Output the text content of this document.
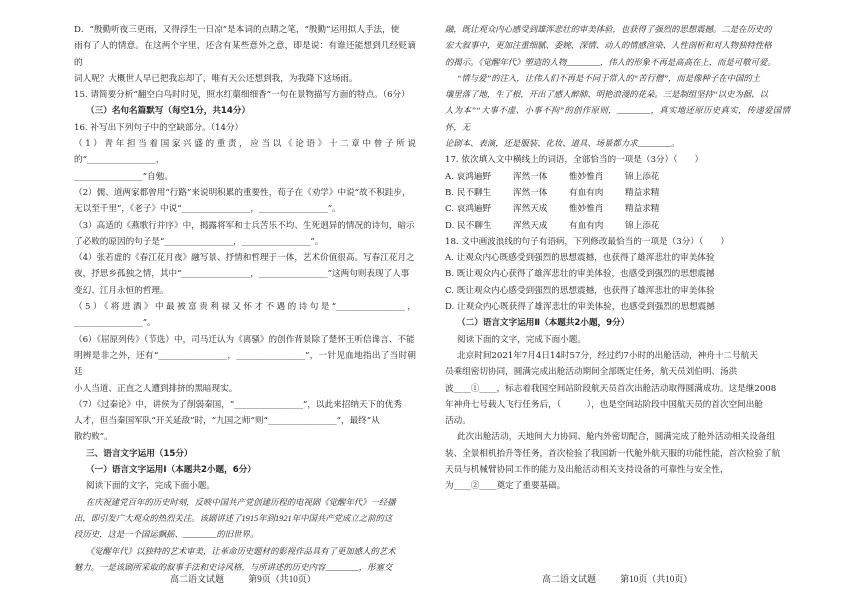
D．“殷勤听夜三更雨，又得浮生一日凉”是本词的点睛之笔，“殷勤”运用拟人手法，使

雨有了人的情意。在这两个字里，还含有某些意外之意，即是说：有谁还能想到几经贬谪的

词人呢？大概世人早已把我忘却了，唯有天公还想到我，为我降下这场雨。

15. 请简要分析“翻空白鸟时时见，照水红蕖细细香”一句在景物描写方面的特点。（6分）

（三）名句名篇默写（每空1分，共14分）

16. 补写出下列句子中的空缺部分。（14分）

（1）青年担当着国家兴盛的重责，应当以《论语》十二章中曾子所说的“________________，

________________”自勉。

（2）儒、道两家都曾用“行路”来说明积累的重要性，荀子在《劝学》中说“故不积跬步，

无以至千里”，《老子》中说“________________，________________”。

（3）高适的《燕歌行并序》中，揭露将军和士兵苦乐不均、生死迥异的情况的诗句，暗示

了必败的原因的句子是“________________，________________”。

（4）张若虚的《春江花月夜》融写景、抒情和哲理于一体，艺术价值很高。写春江花月之

夜，抒思乡孤独之情，其中“________________，________________”这两句则表现了人事

变幻、江月永恒的哲理。

（5）《将进酒》中最被富贵利禄又怀才不遇的诗句是“________________，________________”。

（6）《屈原列传》（节选）中，司马迁认为《离骚》的创作背景除了楚怀王听信谗言、不能

明辨是非之外，还有“________________，________________”，一针见血地指出了当时朝廷

小人当道、正直之人遭到排挤的黑暗现实。

（7）《过秦论》中，讲侯为了削弱秦国，“________________”，以此来招纳天下的优秀

人才，但当秦国军队“开关延敌”时，“九国之师”则“________________”，最终“从

散约败”。

三、语言文字运用（15分）

（一）语言文字运用Ⅰ（本题共2小题，6分）

阅读下面的文字，完成下面小题。

在庆祝建党百年的历史时刻，反映中国共产党创建历程的电视剧《觉醒年代》一经播

出，即引发广大观众的热烈关注。该剧讲述了1915年到1921年中国共产党成立之前的这

段历史，这是一个国运飘摇、________的旧世界。

《觉醒年代》以独特的艺术审美，让革命历史题材的影视作品具有了更加感人的艺术

魅力。一是该剧所采取的叙事手法和史诗风格，与所讲述的历史内容________，彤塞交

高二语文试题	第9页（共10页）

融，既让观众内心感受到雄浑悲壮的审美体验，也获得了强烈的思想震撼。二是在历史的

宏大叙事中，更加注重细腻、委婉、深情、动人的情感渲染、人性剖析和对人物独特性格

的揭示。《觉醒年代》塑造的人物________，伟人的形象不再是高高在上，而是可敬可爱。

“情与爱”的注入，让伟人们不再是不同于常人的“苦行僧”，而是像种子在中国的土

壤里落了地，生了根，开出了感人醉肺、明艳浪漫的花朵。三是制组坚持“以史为据、以

人为本”“大事不虚、小事不拘”的创作原则，________，真实地还原历史真实，传递爱国情怀，无

论剧本、表演，还是服装、化妆、道具、场景都力求________。

17. 依次填入文中横线上的词语，全部恰当的一项是（3分）（　　）

A. 哀鸿遍野	浑然一体	惟妙惟肖	锦上添花
B. 民不聊生	浑然一体	有血有肉	精益求精
C. 哀鸿遍野	浑然天成	惟妙惟肖	精益求精
D. 民不聊生	浑然天成	有血有肉	锦上添花

18. 文中画波浪线的句子有语病，下列修改最恰当的一项是（3分）（　　）

A. 让观众内心既感受到强烈的思想震撼，也获得了雄浑悲壮的审美体验

B. 既让观众内心获得了雄浑悲壮的审美体验，也感受到强烈的思想震撼

C. 既让观众内心感受到强烈的思想震撼，也获得了雄浑悲壮的审美体验

D. 让观众内心既获得了雄浑悲壮的审美体验，也感受到强烈的思想震撼

（二）语言文字运用Ⅱ（本题共2小题，9分）

阅读下面的文字，完成下面小题。

北京时间2021年7月4日14时57分，经过约7小时的出舱活动，神舟十二号航天

员乘组密切协同，圆满完成出舱活动期间全部既定任务，航天员刘伯明、汤洪

波____①____，标志着我国空间站阶段航天员首次出舱活动取得圆满成功。这是继2008

年神舟七号载人飞行任务后，（　　　），也是空间站阶段中国航天员的首次空间出舱

活动。

此次出舱活动，天地间大力协同、舱内外密切配合，圆满完成了舱外活动相关设备组

装、全景相机抬升等任务，首次检验了我国新一代舱外航天服的功能性能，首次检验了航

天员与机械臂协同工作的能力及出舱活动相关支持设备的可靠性与安全性，

为____②____奠定了重要基础。

高二语文试题	第10页（共10页）
